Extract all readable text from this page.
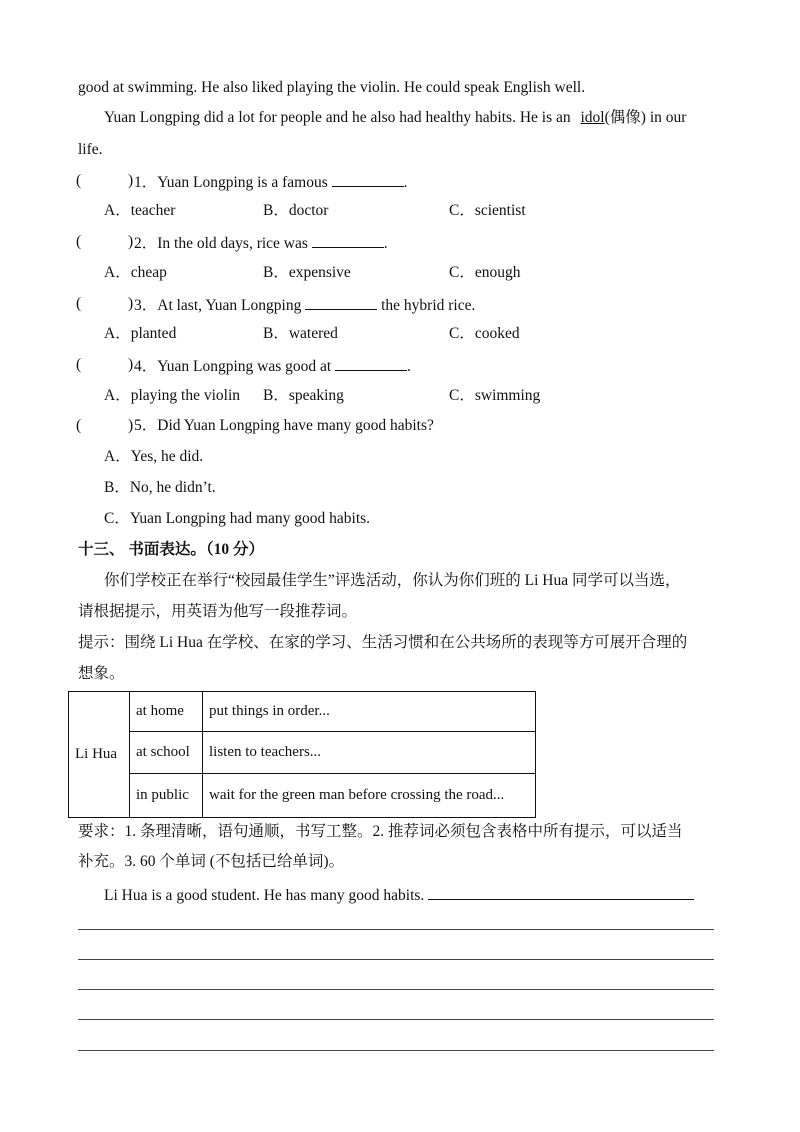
good at swimming. He also liked playing the violin. He could speak English well.
Yuan Longping did a lot for people and he also had healthy habits. He is an idol(偶像) in our
life.
(	) 1．Yuan Longping is a famous	.
A．teacher	B．doctor	C．scientist
(	) 2．In the old days, rice was	.
A．cheap	B．expensive	C．enough
(	) 3．At last, Yuan Longping	the hybrid rice.
A．planted	B．watered	C．cooked
(	) 4．Yuan Longping was good at	.
A．playing the violin B．speaking	C．swimming
(	) 5．Did Yuan Longping have many good habits?
A．Yes, he did.
B．No, he didn’t.
C．Yuan Longping had many good habits.
十三、 书面表达。（10 分）
你们学校正在举行“校园最佳学生”评选活动，你认为你们班的 Li Hua 同学可以当选，
请根据提示，用英语为他写一段推荐词。
提示：围绕 Li Hua 在学校、在家的学习、生活习惯和在公共场所的表现等方可展开合理的
想象。
Li Hua	at home	put things in order...
	at school	listen to teachers...
	in public	wait for the green man before crossing the road...
要求：1. 条理清晰，语句通顺，书写工整。2. 推荐词必须包含表格中所有提示，可以适当
补充。3. 60 个单词 (不包括已给单词)。
Li Hua is a good student. He has many good habits.
